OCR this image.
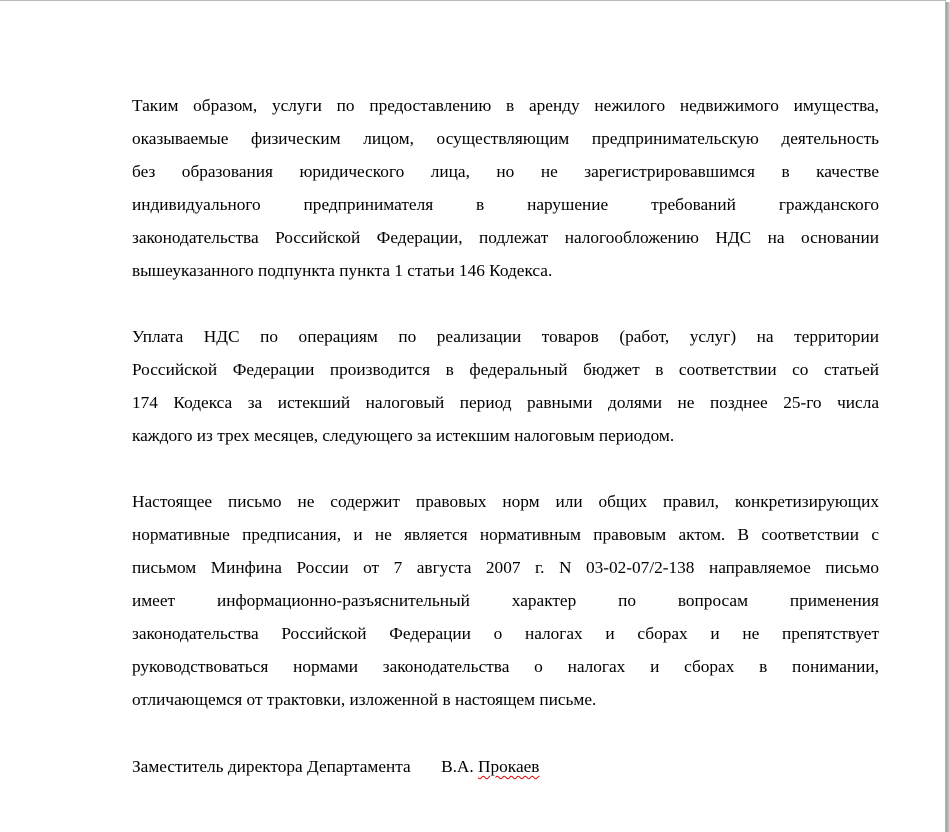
Таким образом, услуги по предоставлению в аренду нежилого недвижимого имущества,
оказываемые физическим лицом, осуществляющим предпринимательскую деятельность
без образования юридического лица, но не зарегистрировавшимся в качестве
индивидуального предпринимателя в нарушение требований гражданского
законодательства Российской Федерации, подлежат налогообложению НДС на основании
вышеуказанного подпункта пункта 1 статьи 146 Кодекса.

Уплата НДС по операциям по реализации товаров (работ, услуг) на территории
Российской Федерации производится в федеральный бюджет в соответствии со статьей
174 Кодекса за истекший налоговый период равными долями не позднее 25-го числа
каждого из трех месяцев, следующего за истекшим налоговым периодом.

Настоящее письмо не содержит правовых норм или общих правил, конкретизирующих
нормативные предписания, и не является нормативным правовым актом. В соответствии с
письмом Минфина России от 7 августа 2007 г. N 03-02-07/2-138 направляемое письмо
имеет информационно-разъяснительный характер по вопросам применения
законодательства Российской Федерации о налогах и сборах и не препятствует
руководствоваться нормами законодательства о налогах и сборах в понимании,
отличающемся от трактовки, изложенной в настоящем письме.

Заместитель директора Департамента В.А. Прокаев
